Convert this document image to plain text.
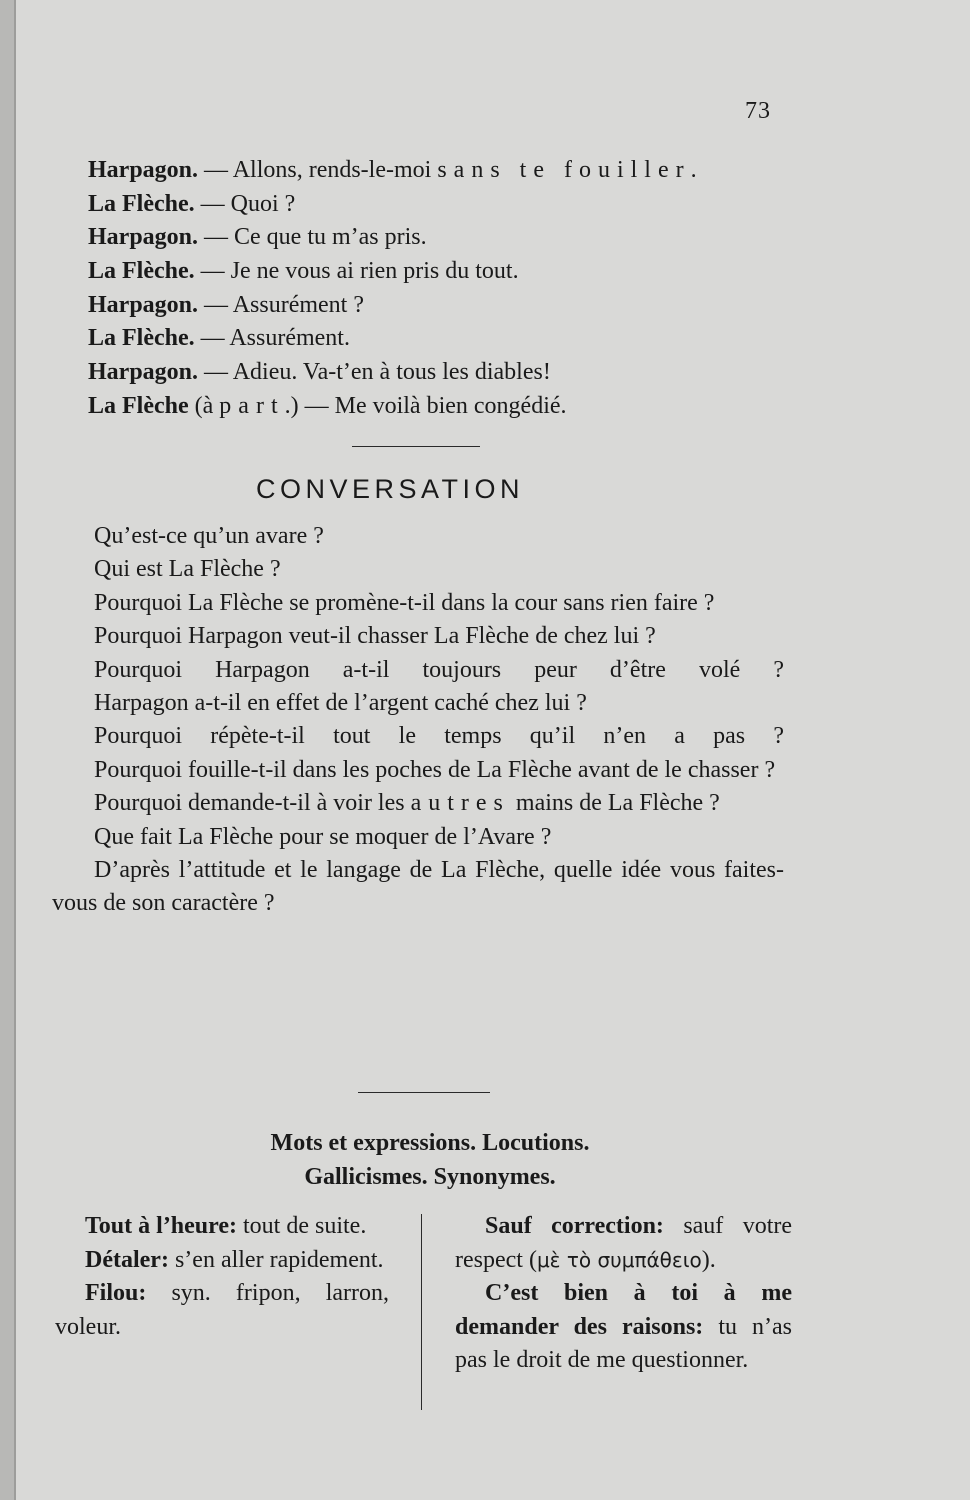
73
Harpagon. — Allons, rends-le-moi sans te fouiller.
La Flèche. — Quoi ?
Harpagon. — Ce que tu m’as pris.
La Flèche. — Je ne vous ai rien pris du tout.
Harpagon. — Assurément ?
La Flèche. — Assurément.
Harpagon. — Adieu. Va-t’en à tous les diables!
La Flèche (à part.) — Me voilà bien congédié.
CONVERSATION

Qu’est-ce qu’un avare ?

Qui est La Flèche ?

Pourquoi La Flèche se promène-t-il dans la cour sans rien faire ?

Pourquoi Harpagon veut-il chasser La Flèche de chez lui ?

Pourquoi Harpagon a-t-il toujours peur d’être volé ?

Harpagon a-t-il en effet de l’argent caché chez lui ?

Pourquoi répète-t-il tout le temps qu’il n’en a pas ?

Pourquoi fouille-t-il dans les poches de La Flèche avant de le chasser ?

Pourquoi demande-t-il à voir les autres mains de La Flèche ?

Que fait La Flèche pour se moquer de l’Avare ?

D’après l’attitude et le langage de La Flèche, quelle idée vous faites-vous de son caractère ?

Mots et expressions. Locutions.
Gallicismes. Synonymes.

Tout à l’heure: tout de suite.

Détaler: s’en aller rapidement.

Filou: syn. fripon, larron, voleur.

Sauf correction: sauf votre respect (μὲ τὸ συμπάθειο).

C’est bien à toi à me demander des raisons: tu n’as pas le droit de me questionner.
